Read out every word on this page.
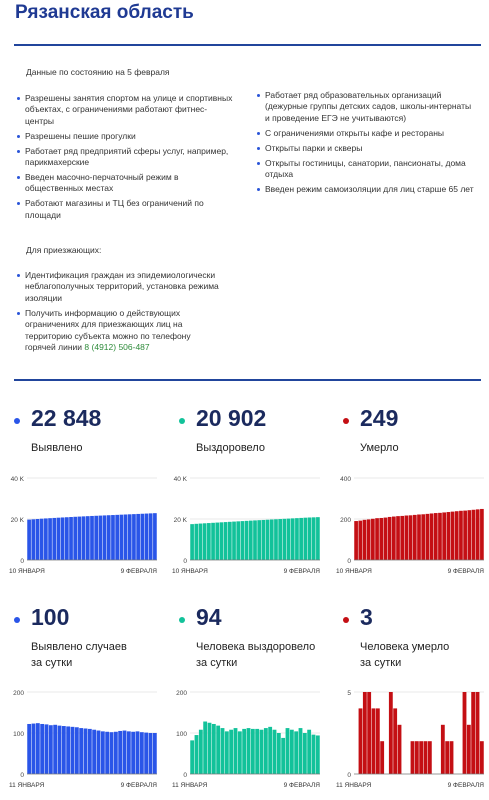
Рязанская область
Данные по состоянию на 5 февраля
Разрешены занятия спортом на улице и спортивных объектах, с ограничениями работают фитнес-центры
Разрешены пешие прогулки
Работает ряд предприятий сферы услуг, например, парикмахерские
Введен масочно-перчаточный режим в общественных местах
Работают магазины и ТЦ без ограничений по площади
Работает ряд образовательных организаций (дежурные группы детских садов, школы-интернаты и проведение ЕГЭ не учитываются)
С ограничениями открыты кафе и рестораны
Открыты парки и скверы
Открыты гостиницы, санатории, пансионаты, дома отдыха
Введен режим самоизоляции для лиц старше 65 лет
Для приезжающих:
Идентификация граждан из эпидемиологически неблагополучных территорий, установка режима изоляции
Получить информацию о действующих ограничениях для приезжающих лиц на территорию субъекта можно по телефону горячей линии 8 (4912) 506-487
22 848
Выявлено
20 902
Выздоровело
249
Умерло
0
20 K
40 K
10 ЯНВАРЯ	9 ФЕВРАЛЯ
0
20 K
40 K
10 ЯНВАРЯ	9 ФЕВРАЛЯ
0
200
400
10 ЯНВАРЯ	9 ФЕВРАЛЯ
100
Выявлено случаев
за сутки
94
Человека выздоровело
за сутки
3
Человека умерло
за сутки
0
100
200
11 ЯНВАРЯ	9 ФЕВРАЛЯ
0
100
200
11 ЯНВАРЯ	9 ФЕВРАЛЯ
0
5
11 ЯНВАРЯ	9 ФЕВРАЛЯ
